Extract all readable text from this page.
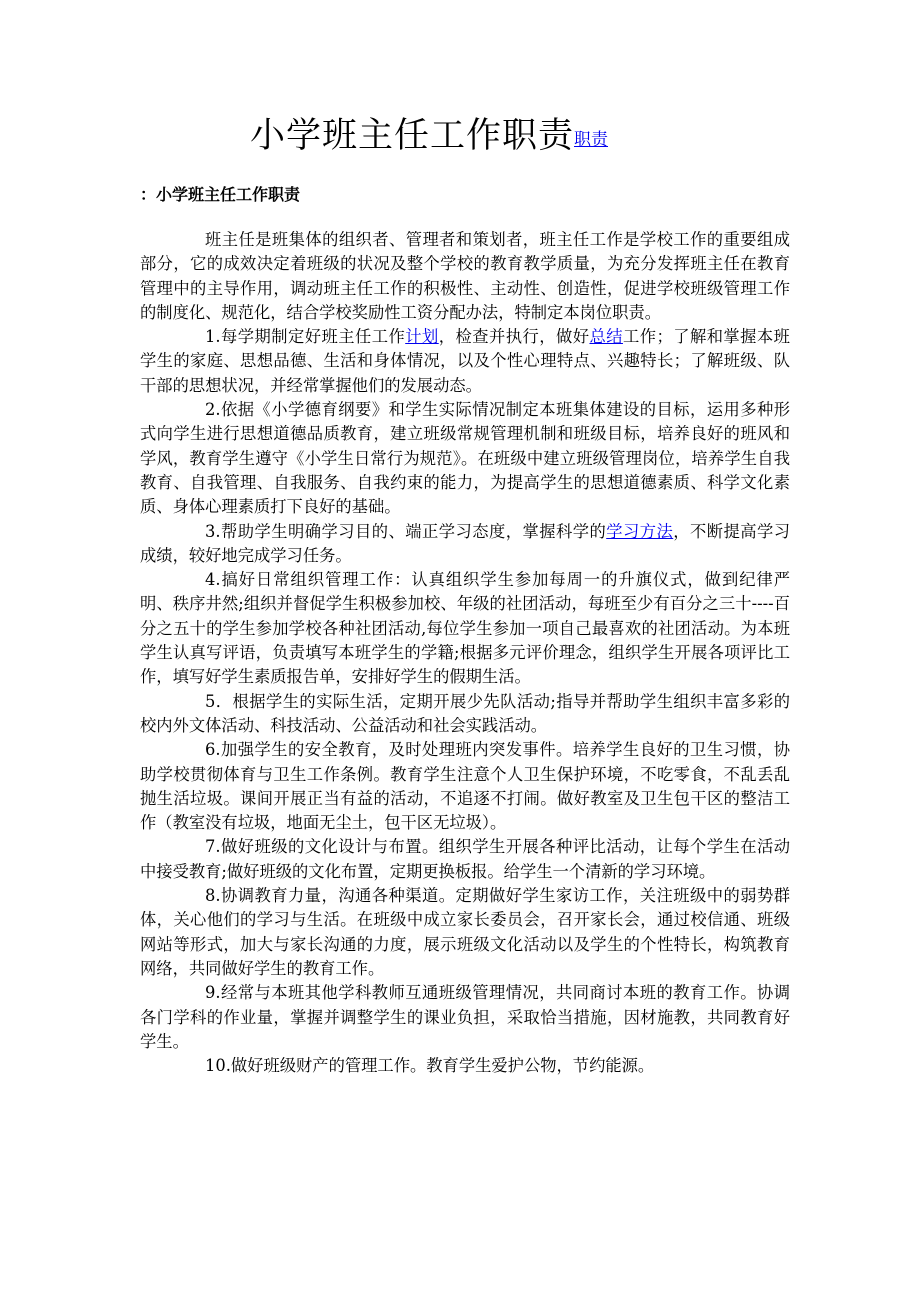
小学班主任工作职责职责
：小学班主任工作职责

班主任是班集体的组织者、管理者和策划者，班主任工作是学校工作的重要组成部分，它的成效决定着班级的状况及整个学校的教育教学质量，为充分发挥班主任在教育管理中的主导作用，调动班主任工作的积极性、主动性、创造性，促进学校班级管理工作的制度化、规范化，结合学校奖励性工资分配办法，特制定本岗位职责。

1.每学期制定好班主任工作计划，检查并执行，做好总结工作；了解和掌握本班学生的家庭、思想品德、生活和身体情况，以及个性心理特点、兴趣特长；了解班级、队干部的思想状况，并经常掌握他们的发展动态。

2.依据《小学德育纲要》和学生实际情况制定本班集体建设的目标，运用多种形式向学生进行思想道德品质教育，建立班级常规管理机制和班级目标，培养良好的班风和学风，教育学生遵守《小学生日常行为规范》。在班级中建立班级管理岗位，培养学生自我教育、自我管理、自我服务、自我约束的能力，为提高学生的思想道德素质、科学文化素质、身体心理素质打下良好的基础。

3.帮助学生明确学习目的、端正学习态度，掌握科学的学习方法，不断提高学习成绩，较好地完成学习任务。

4.搞好日常组织管理工作：认真组织学生参加每周一的升旗仪式，做到纪律严明、秩序井然;组织并督促学生积极参加校、年级的社团活动，每班至少有百分之三十----百分之五十的学生参加学校各种社团活动,每位学生参加一项自己最喜欢的社团活动。为本班学生认真写评语，负责填写本班学生的学籍;根据多元评价理念，组织学生开展各项评比工作，填写好学生素质报告单，安排好学生的假期生活。

5．根据学生的实际生活，定期开展少先队活动;指导并帮助学生组织丰富多彩的校内外文体活动、科技活动、公益活动和社会实践活动。

6.加强学生的安全教育，及时处理班内突发事件。培养学生良好的卫生习惯，协助学校贯彻体育与卫生工作条例。教育学生注意个人卫生保护环境，不吃零食，不乱丢乱抛生活垃圾。课间开展正当有益的活动，不追逐不打闹。做好教室及卫生包干区的整洁工作（教室没有垃圾，地面无尘土，包干区无垃圾）。

7.做好班级的文化设计与布置。组织学生开展各种评比活动，让每个学生在活动中接受教育;做好班级的文化布置，定期更换板报。给学生一个清新的学习环境。

8.协调教育力量，沟通各种渠道。定期做好学生家访工作，关注班级中的弱势群体，关心他们的学习与生活。在班级中成立家长委员会，召开家长会，通过校信通、班级网站等形式，加大与家长沟通的力度，展示班级文化活动以及学生的个性特长，构筑教育网络，共同做好学生的教育工作。

9.经常与本班其他学科教师互通班级管理情况，共同商讨本班的教育工作。协调各门学科的作业量，掌握并调整学生的课业负担，采取恰当措施，因材施教，共同教育好学生。

10.做好班级财产的管理工作。教育学生爱护公物，节约能源。
